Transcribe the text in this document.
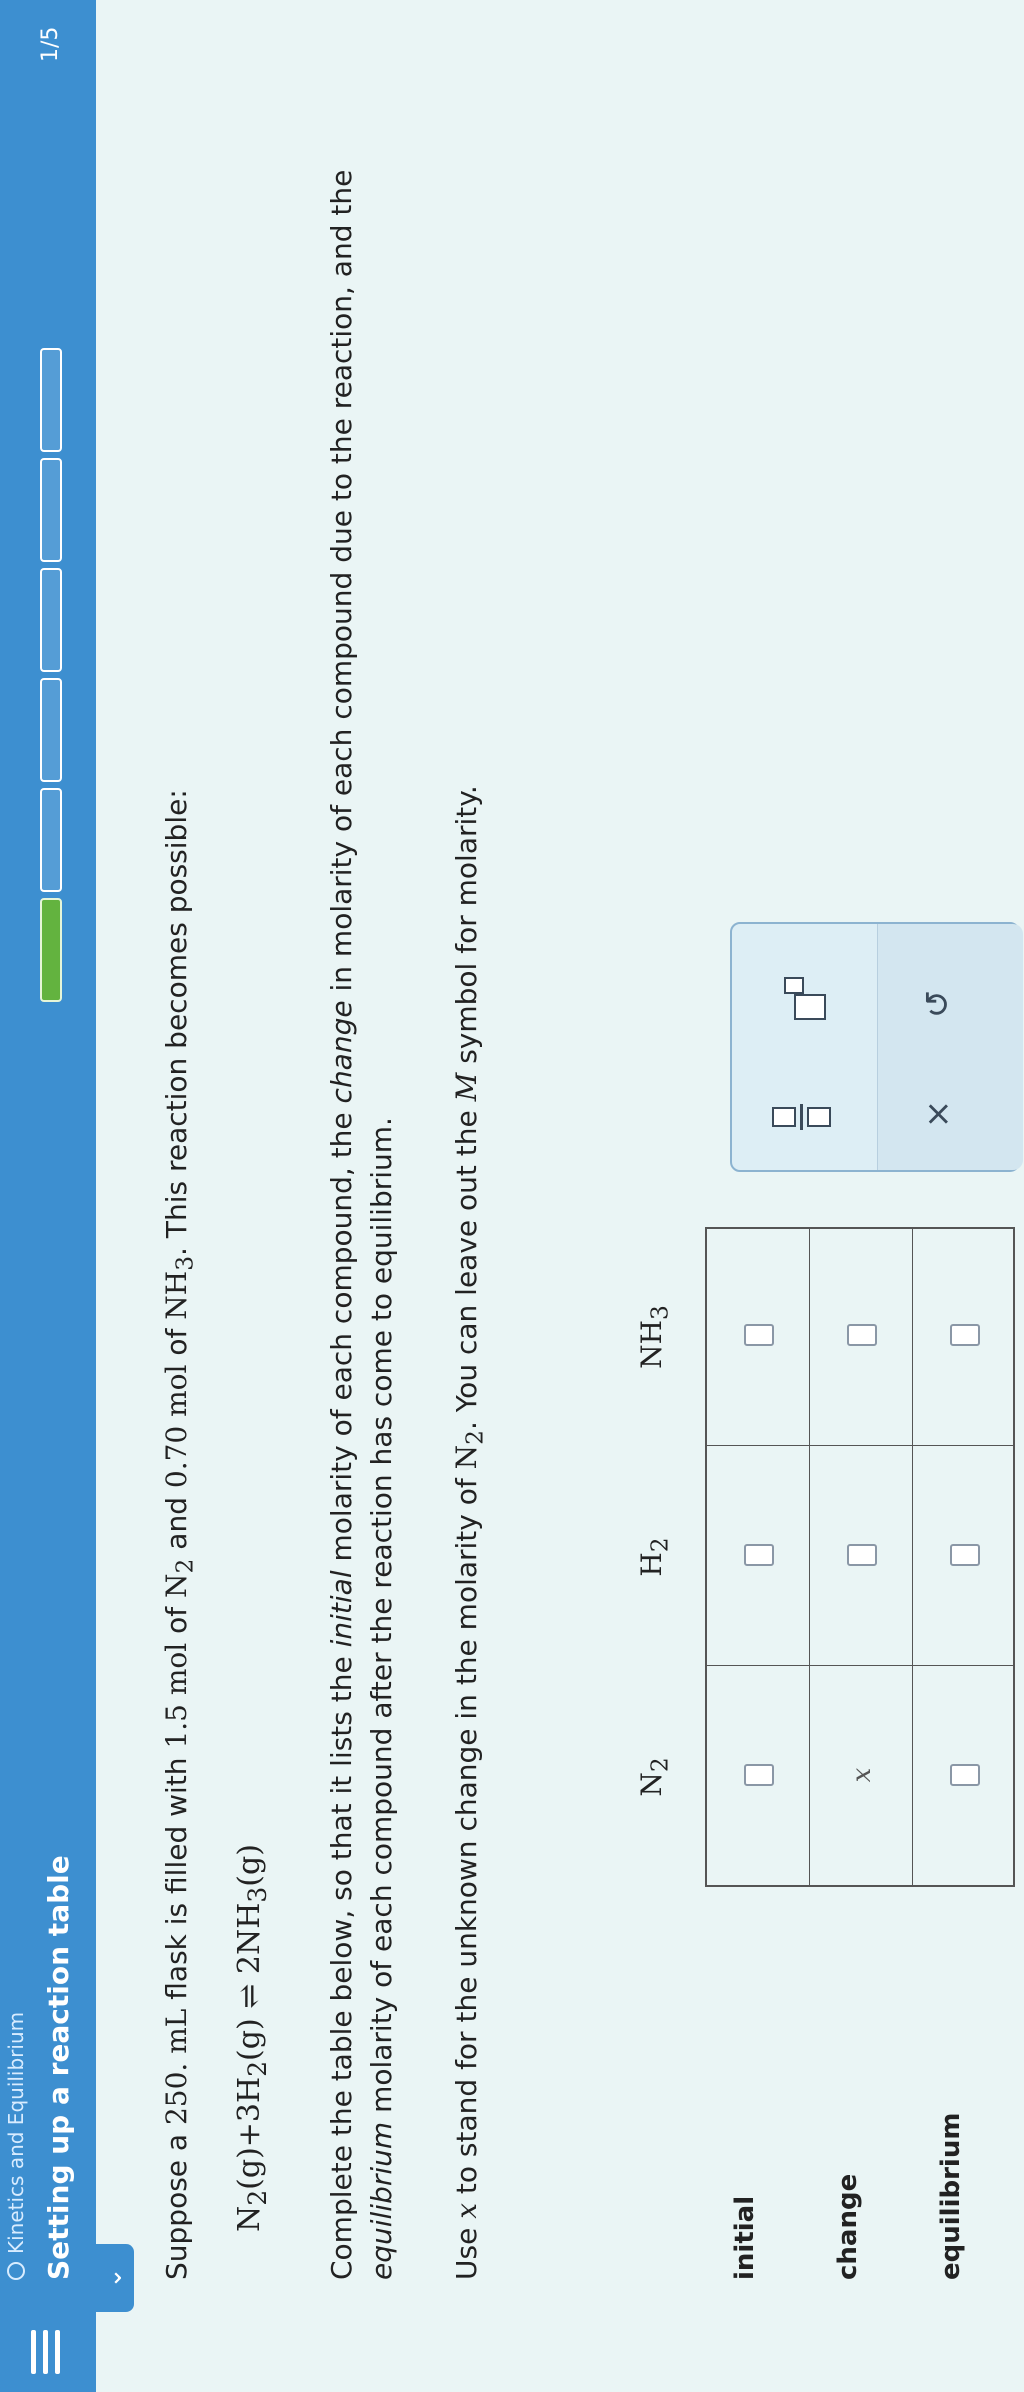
Kinetics and Equilibrium Setting up a reaction table
1/5
⌄ Suppose a 250. mL flask is filled with 1.5 mol of $N_2$ and 0.70 mol of $NH_3$. This reaction becomes possible:
$N_2(g)+3H_2(g)$ ⇌ $2NH_3(g)$ Complete the table below, so that it lists the initial molarity of each compound, the change in molarity of each compound due to the reaction, and the
equilibrium molarity of each compound after the reaction has come to equilibrium.
Use x to stand for the unknown change in the molarity of $N_2$. You can leave out the M symbol for molarity.
initial	change	equilibrium
$N_2$
$H_2$
$NH_3$
x
×
↺
